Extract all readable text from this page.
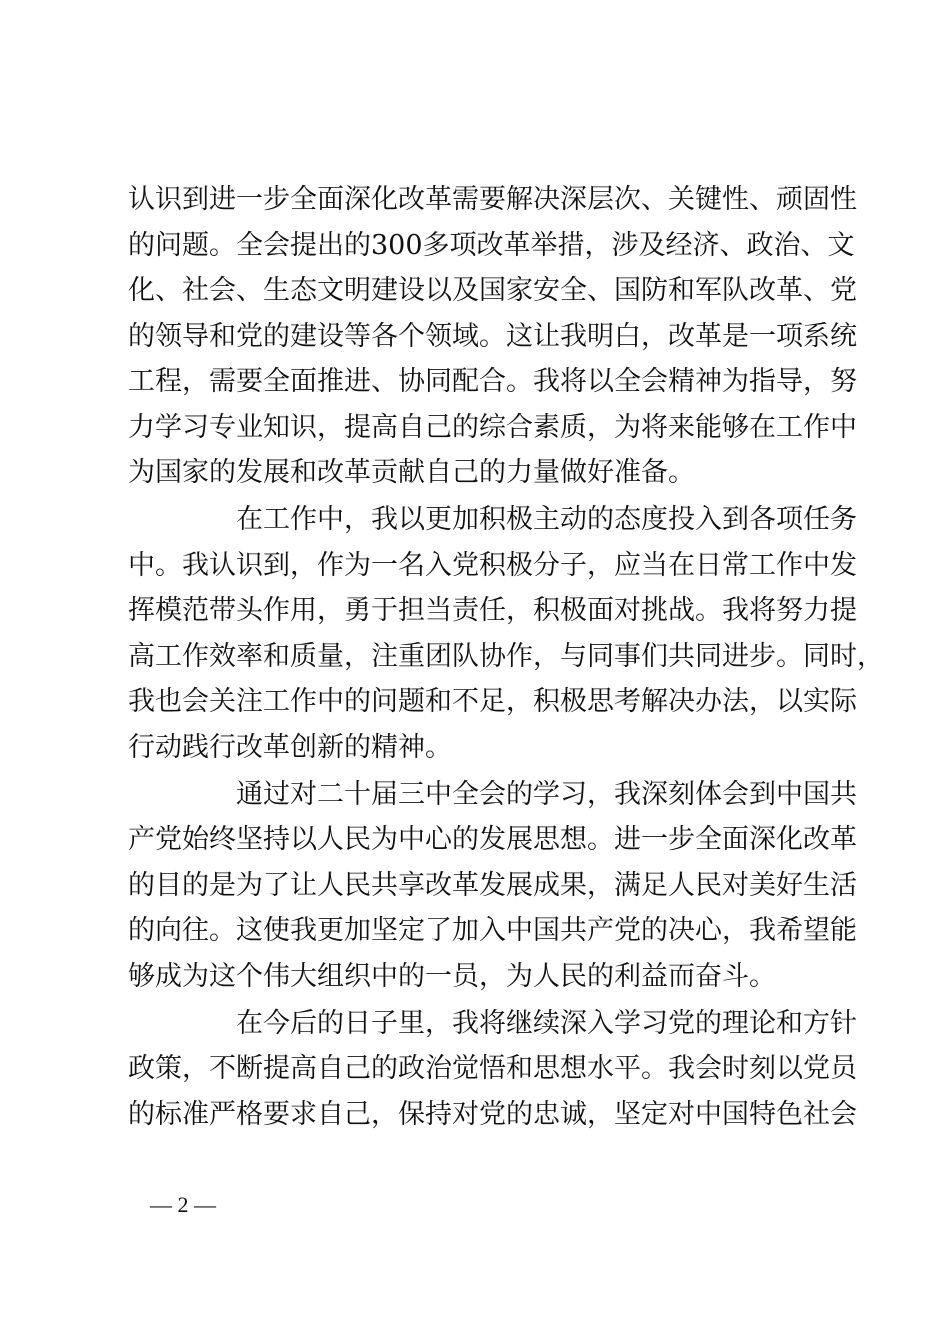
认识到进一步全面深化改革需要解决深层次、关键性、顽固性
的问题。全会提出的300多项改革举措，涉及经济、政治、文
化、社会、生态文明建设以及国家安全、国防和军队改革、党
的领导和党的建设等各个领域。这让我明白，改革是一项系统
工程，需要全面推进、协同配合。我将以全会精神为指导，努
力学习专业知识，提高自己的综合素质，为将来能够在工作中
为国家的发展和改革贡献自己的力量做好准备。
在工作中，我以更加积极主动的态度投入到各项任务
中。我认识到，作为一名入党积极分子，应当在日常工作中发
挥模范带头作用，勇于担当责任，积极面对挑战。我将努力提
高工作效率和质量，注重团队协作，与同事们共同进步。同时，
我也会关注工作中的问题和不足，积极思考解决办法，以实际
行动践行改革创新的精神。
通过对二十届三中全会的学习，我深刻体会到中国共
产党始终坚持以人民为中心的发展思想。进一步全面深化改革
的目的是为了让人民共享改革发展成果，满足人民对美好生活
的向往。这使我更加坚定了加入中国共产党的决心，我希望能
够成为这个伟大组织中的一员，为人民的利益而奋斗。
在今后的日子里，我将继续深入学习党的理论和方针
政策，不断提高自己的政治觉悟和思想水平。我会时刻以党员
的标准严格要求自己，保持对党的忠诚，坚定对中国特色社会
— 2 —
